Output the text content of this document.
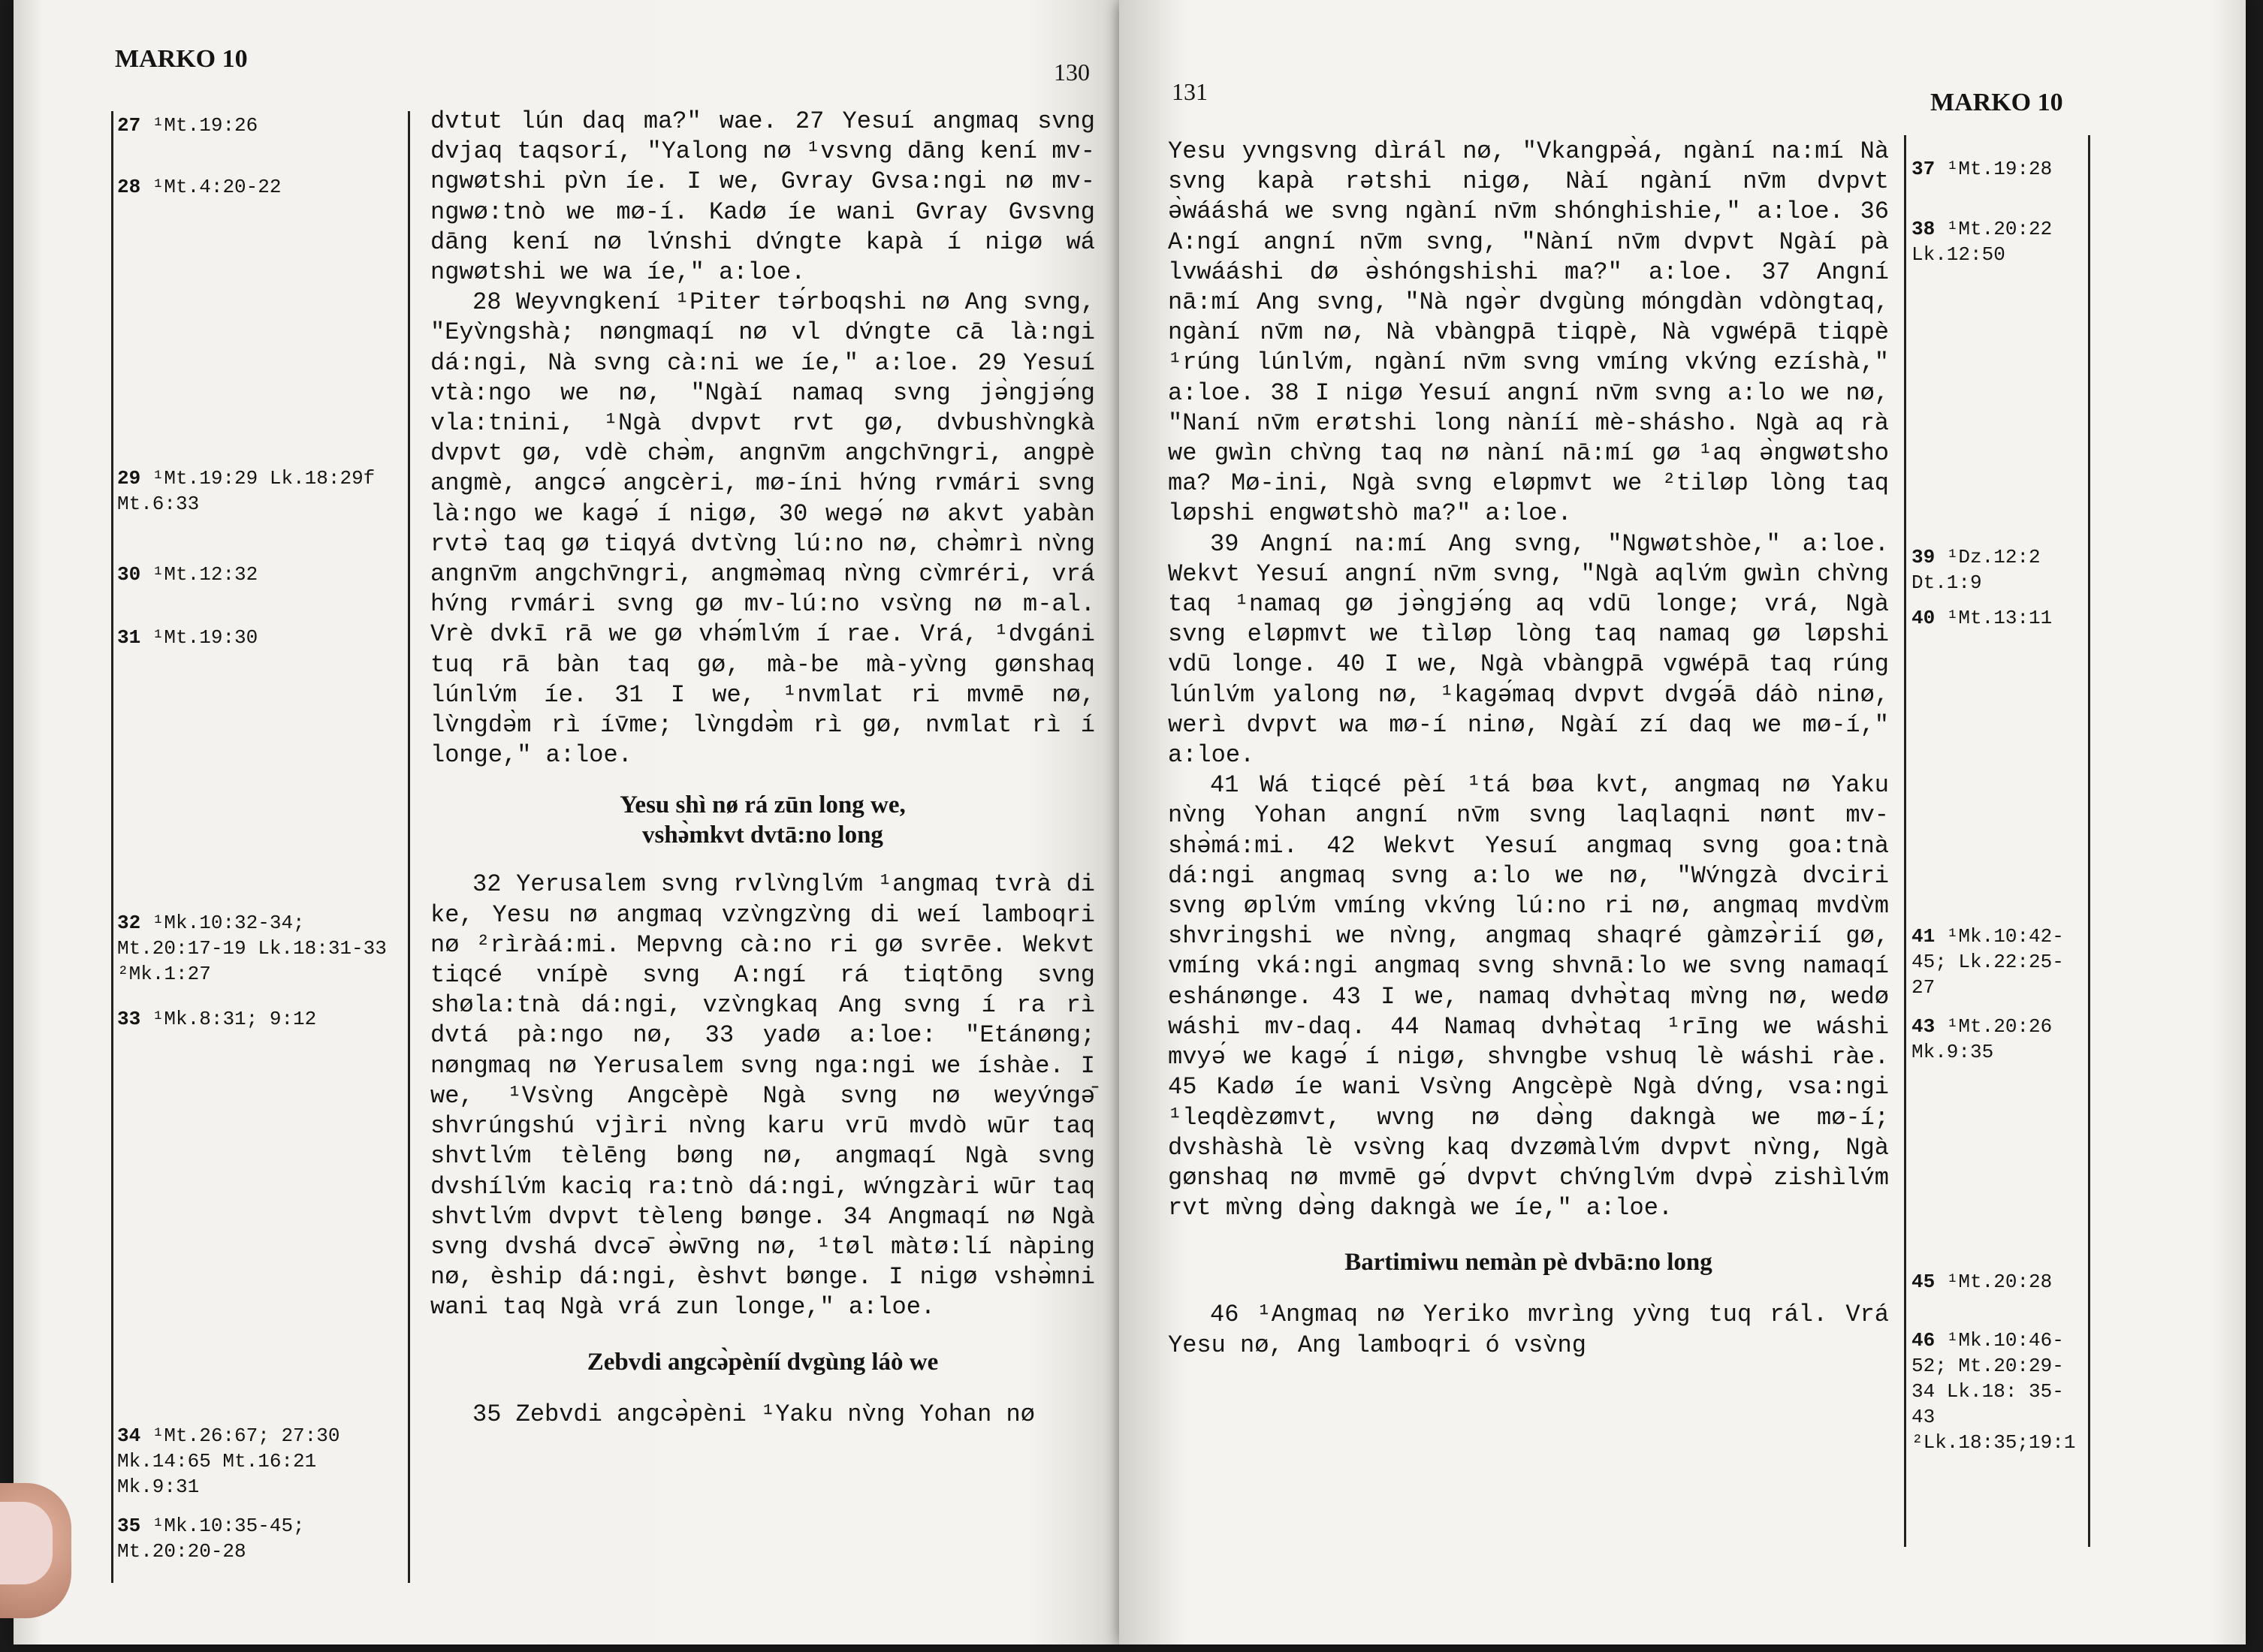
MARKO 10	130
27 ¹Mt.19:26
28 ¹Mt.4:20-22
29 ¹Mt.19:29 Lk.18:29f Mt.6:33
30 ¹Mt.12:32
31 ¹Mt.19:30
32 ¹Mk.10:32-34; Mt.20:17-19 Lk.18:31-33 ²Mk.1:27
33 ¹Mk.8:31; 9:12
34 ¹Mt.26:67; 27:30 Mk.14:65 Mt.16:21 Mk.9:31
35 ¹Mk.10:35-45; Mt.20:20-28

dvtut lún daq ma?" wae. 27 Yesuí angmaq svng dvjaq taqsorí, "Yalong nø ¹vsvng dāng kení mv-ngwøtshi pv̀n íe. I we, Gvray Gvsa:ngi nø mv-ngwø:tnò we mø-í. Kadø íe wani Gvray Gvsvng dāng kení nø lv́nshi dv́ngte kapà í nigø wá ngwøtshi we wa íe," a:loe.

28 Weyvngkení ¹Piter tə́rboqshi nø Ang svng, "Eyv̀ngshà; nøngmaqí nø vl dv́ngte cā là:ngi dá:ngi, Nà svng cà:ni we íe," a:loe. 29 Yesuí vtà:ngo we nø, "Ngàí namaq svng jə̀ngjə́ng vla:tnini, ¹Ngà dvpvt rvt gø, dvbushv̀ngkà dvpvt gø, vdè chə̀m, angnv̄m angchv̄ngri, angpè angmè, angcə́ angcèri, mø-íni hv́ng rvmári svng là:ngo we kagə́ í nigø, 30 wegə́ nø akvt yabàn rvtə̀ taq gø tiqyá dvtv̀ng lú:no nø, chə̀mrì nv̀ng angnv̄m angchv̄ngri, angmə̀maq nv̀ng cv̀mréri, vrá hv́ng rvmári svng gø mv-lú:no vsv̀ng nø m-al. Vrè dvkī rā we gø vhə́mlv́m í rae. Vrá, ¹dvgáni tuq rā bàn taq gø, mà-be mà-yv̀ng gønshaq lúnlv́m íe. 31 I we, ¹nvmlat ri mvmē nø, lv̀ngdə̀m rì ív̄me; lv̀ngdə̀m rì gø, nvmlat rì í longe," a:loe.

Yesu shì nø rá zūn long we,
vshə̀mkvt dvtā:no long

32 Yerusalem svng rvlv̀nglv́m ¹angmaq tvrà di ke, Yesu nø angmaq vzv̀ngzv̀ng di weí lamboqri nø ²rìràá:mi. Mepvng cà:no ri gø svrēe. Wekvt tiqcé vnípè svng A:ngí rá tiqtōng svng shøla:tnà dá:ngi, vzv̀ngkaq Ang svng í ra rì dvtá pà:ngo nø, 33 yadø a:loe: "Etánøng; nøngmaq nø Yerusalem svng nga:ngi we íshàe. I we, ¹Vsv̀ng Angcèpè Ngà svng nø weyv́ngə̄ shvrúngshú vjìri nv̀ng karu vrū mvdò wūr taq shvtlv́m tèlēng bøng nø, angmaqí Ngà svng dvshílv́m kaciq ra:tnò dá:ngi, wv́ngzàri wūr taq shvtlv́m dvpvt tèleng bønge. 34 Angmaqí nø Ngà svng dvshá dvcə̄ ə̀wv̄ng nø, ¹tøl màtø:lí nàping nø, èship dá:ngi, èshvt bønge. I nigø vshə̀mni wani taq Ngà vrá zun longe," a:loe.

Zebvdi angcə̀pèníí dvgùng láò we

35 Zebvdi angcə̀pèni ¹Yaku nv̀ng Yohan nø

131	MARKO 10

Yesu yvngsvng dìrál nø, "Vkangpə̀á, ngàní na:mí Nà svng kapà rətshi nigø, Nàí ngàní nv̄m dvpvt ə̀wááshá we svng ngàní nv̄m shónghishie," a:loe. 36 A:ngí angní nv̄m svng, "Nàní nv̄m dvpvt Ngàí pà lvwááshi dø ə̀shóngshishi ma?" a:loe. 37 Angní nā:mí Ang svng, "Nà ngə̀r dvgùng móngdàn vdòngtaq, ngàní nv̄m nø, Nà vbàngpā tiqpè, Nà vgwépā tiqpè ¹rúng lúnlv́m, ngàní nv̄m svng vmíng vkv́ng ezíshà," a:loe. 38 I nigø Yesuí angní nv̄m svng a:lo we nø, "Naní nv̄m erøtshi long nàníí mè-shásho. Ngà aq rà we gwìn chv̀ng taq nø nàní nā:mí gø ¹aq ə̀ngwøtsho ma? Mø-ini, Ngà svng eløpmvt we ²tiløp lòng taq løpshi engwøtshò ma?" a:loe.

39 Angní na:mí Ang svng, "Ngwøtshòe," a:loe. Wekvt Yesuí angní nv̄m svng, "Ngà aqlv́m gwìn chv̀ng taq ¹namaq gø jə̀ngjə́ng aq vdū longe; vrá, Ngà svng eløpmvt we tìløp lòng taq namaq gø løpshi vdū longe. 40 I we, Ngà vbàngpā vgwépā taq rúng lúnlv́m yalong nø, ¹kagə́maq dvpvt dvgə́ā dáò ninø, werì dvpvt wa mø-í ninø, Ngàí zí daq we mø-í," a:loe.

41 Wá tiqcé pèí ¹tá bøa kvt, angmaq nø Yaku nv̀ng Yohan angní nv̄m svng laqlaqni nønt mv-shə̀má:mi. 42 Wekvt Yesuí angmaq svng goa:tnà dá:ngi angmaq svng a:lo we nø, "Wv́ngzà dvciri svng øplv́m vmíng vkv́ng lú:no ri nø, angmaq mvdv̀m shvringshi we nv̀ng, angmaq shaqré gàmzə̀rií gø, vmíng vká:ngi angmaq svng shvnā:lo we svng namaqí eshánønge. 43 I we, namaq dvhə̀taq mv̀ng nø, wedø wáshi mv-daq. 44 Namaq dvhə̀taq ¹rīng we wáshi mvyə́ we kagə́ í nigø, shvngbe vshuq lè wáshi ràe. 45 Kadø íe wani Vsv̀ng Angcèpè Ngà dv́ng, vsa:ngi ¹leqdèzømvt, wvng nø də̀ng dakngà we mø-í; dvshàshà lè vsv̀ng kaq dvzømàlv́m dvpvt nv̀ng, Ngà gønshaq nø mvmē gə́ dvpvt chv́nglv́m dvpə̀ zishìlv́m rvt mv̀ng də̀ng dakngà we íe," a:loe.

Bartimiwu nemàn pè dvbā:no long

46 ¹Angmaq nø Yeriko mvrìng yv̀ng tuq rál. Vrá Yesu nø, Ang lamboqri ó vsv̀ng

37 ¹Mt.19:28
38 ¹Mt.20:22 Lk.12:50
39 ¹Dz.12:2 Dt.1:9
40 ¹Mt.13:11
41 ¹Mk.10:42-45; Lk.22:25-27
43 ¹Mt.20:26 Mk.9:35
45 ¹Mt.20:28
46 ¹Mk.10:46-52; Mt.20:29-34 Lk.18: 35-43 ²Lk.18:35;19:1
